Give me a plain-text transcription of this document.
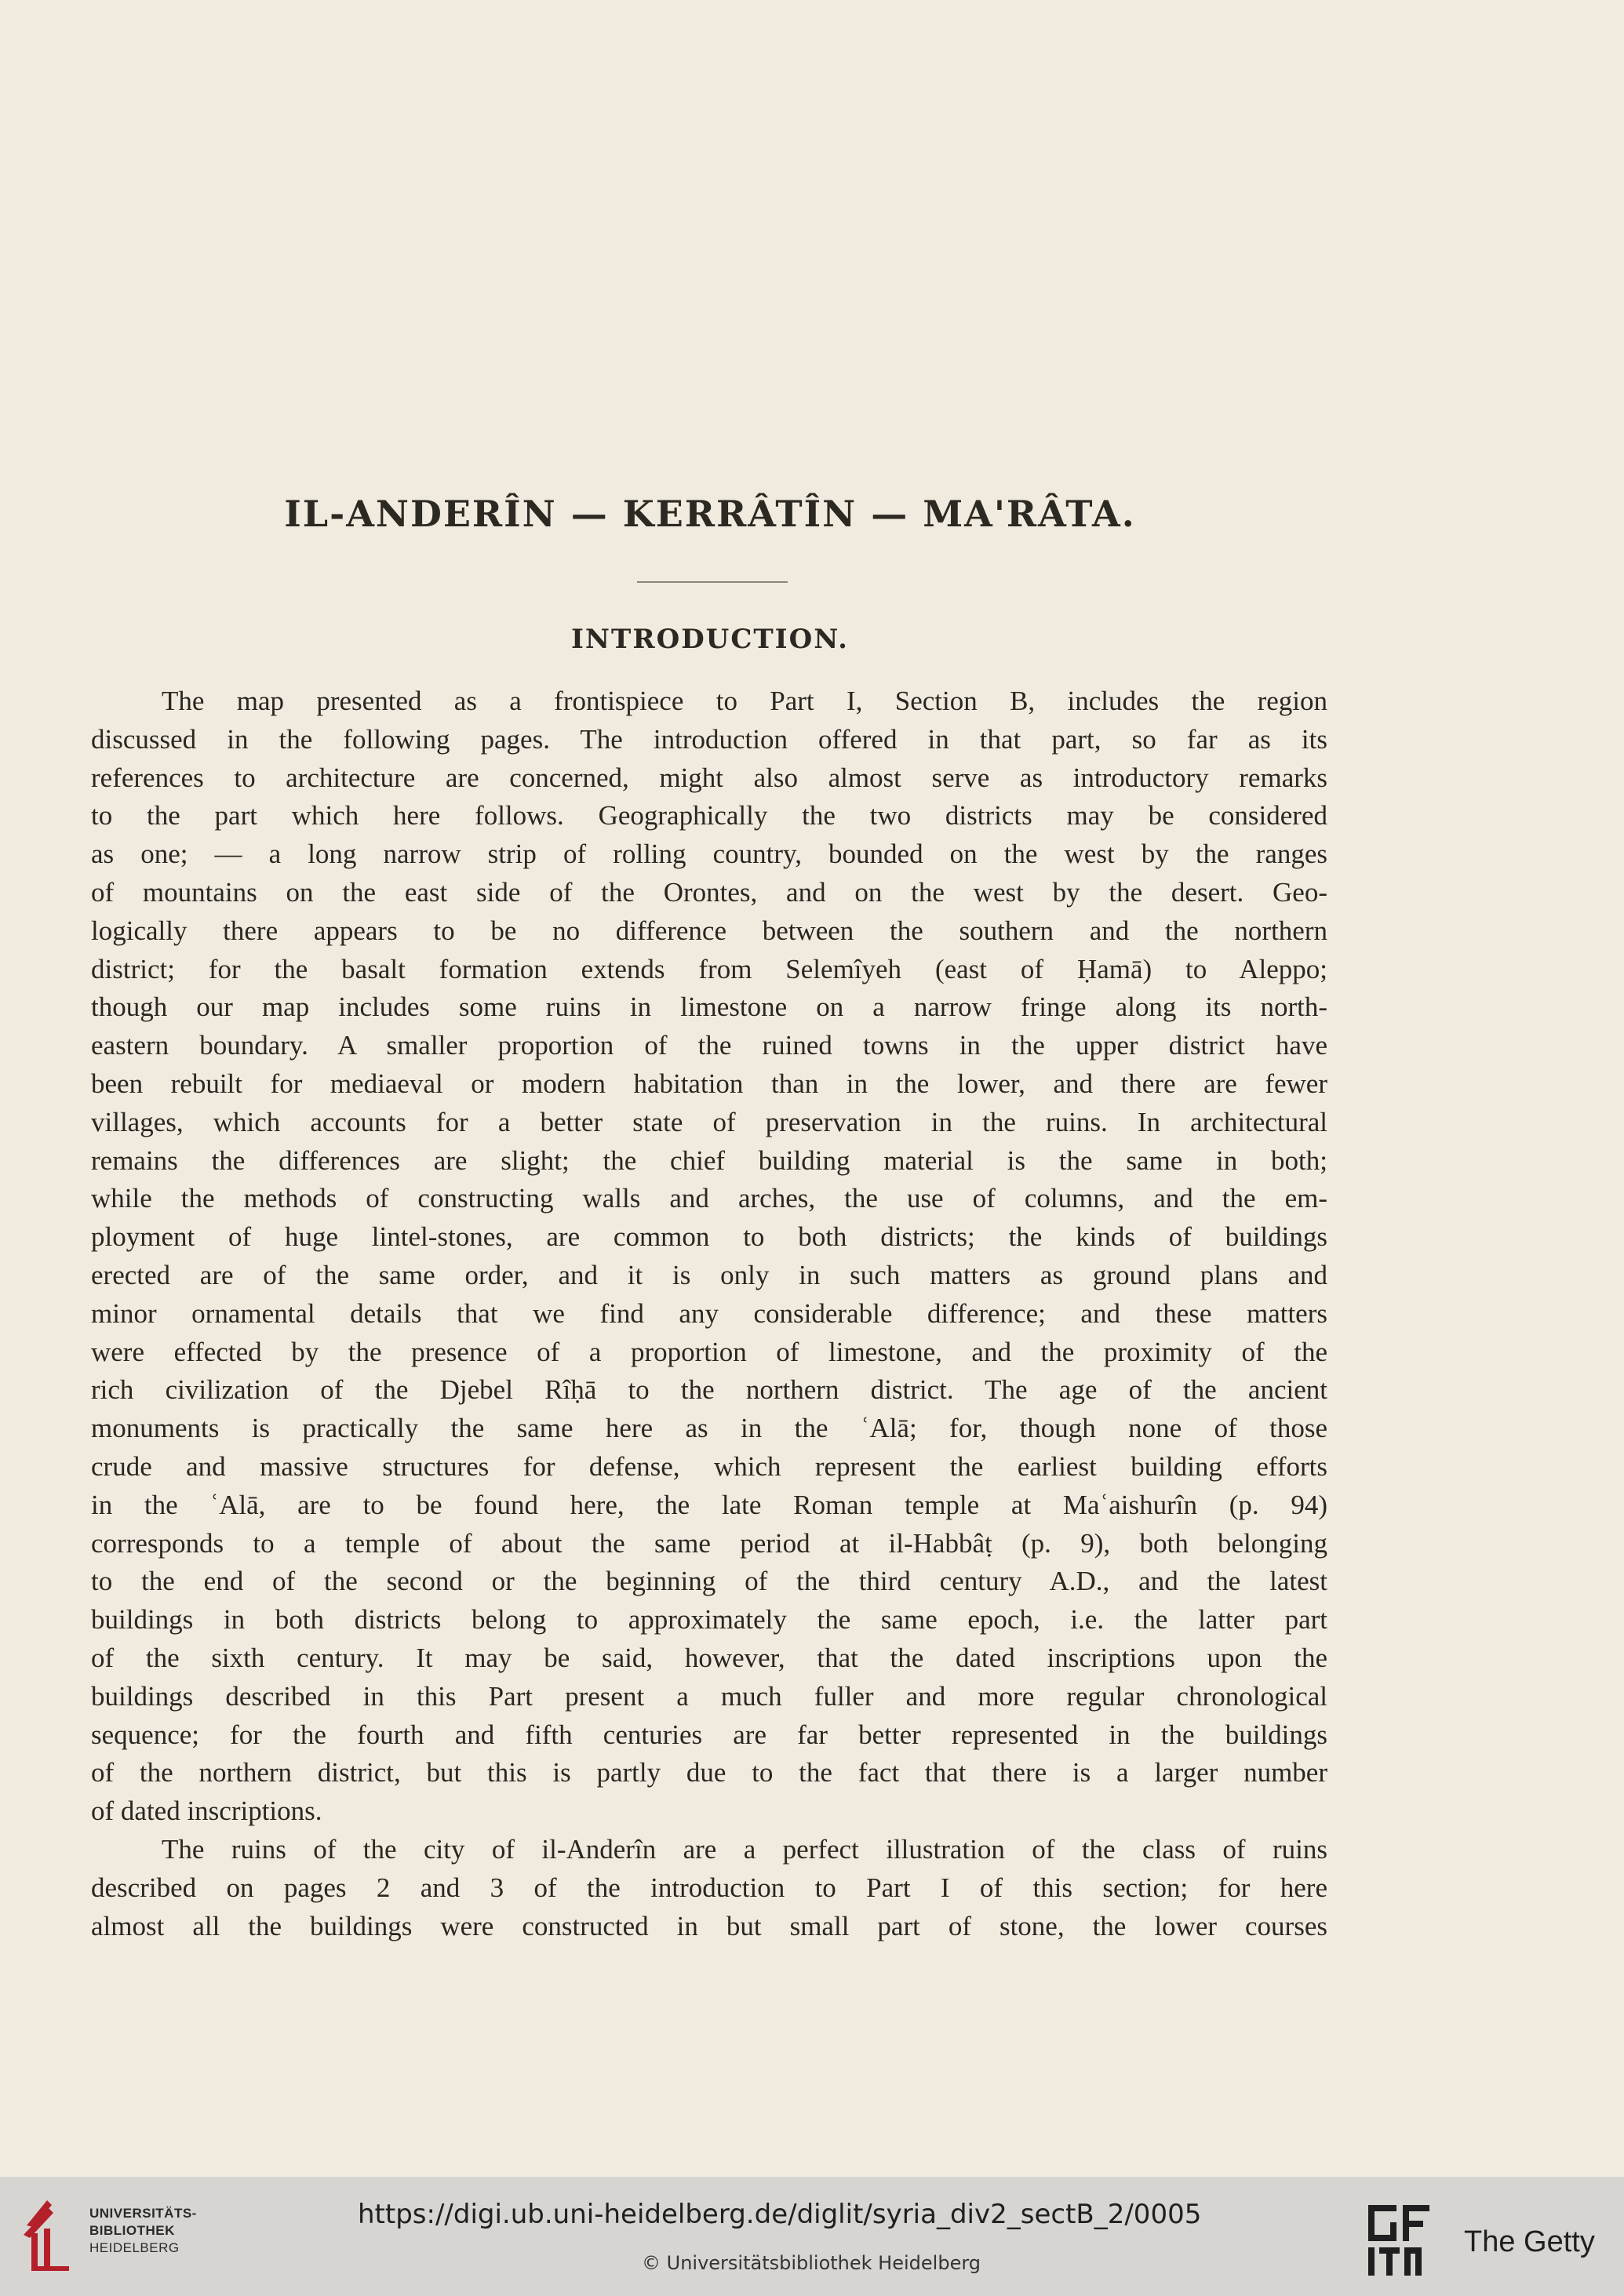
IL-ANDERÎN — KERRÂTÎN — MA'RÂTA.
INTRODUCTION.
The map presented as a frontispiece to Part I, Section B, includes the region
discussed in the following pages. The introduction offered in that part, so far as its
references to architecture are concerned, might also almost serve as introductory remarks
to the part which here follows. Geographically the two districts may be considered
as one; — a long narrow strip of rolling country, bounded on the west by the ranges
of mountains on the east side of the Orontes, and on the west by the desert. Geo-
logically there appears to be no difference between the southern and the northern
district; for the basalt formation extends from Selemîyeh (east of Ḥamā) to Aleppo;
though our map includes some ruins in limestone on a narrow fringe along its north-
eastern boundary. A smaller proportion of the ruined towns in the upper district have
been rebuilt for mediaeval or modern habitation than in the lower, and there are fewer
villages, which accounts for a better state of preservation in the ruins. In architectural
remains the differences are slight; the chief building material is the same in both;
while the methods of constructing walls and arches, the use of columns, and the em-
ployment of huge lintel-stones, are common to both districts; the kinds of buildings
erected are of the same order, and it is only in such matters as ground plans and
minor ornamental details that we find any considerable difference; and these matters
were effected by the presence of a proportion of limestone, and the proximity of the
rich civilization of the Djebel Rîḥā to the northern district. The age of the ancient
monuments is practically the same here as in the ʿAlā; for, though none of those
crude and massive structures for defense, which represent the earliest building efforts
in the ʿAlā, are to be found here, the late Roman temple at Maʿaishurîn (p. 94)
corresponds to a temple of about the same period at il-Habbâṭ (p. 9), both belonging
to the end of the second or the beginning of the third century A.D., and the latest
buildings in both districts belong to approximately the same epoch, i.e. the latter part
of the sixth century. It may be said, however, that the dated inscriptions upon the
buildings described in this Part present a much fuller and more regular chronological
sequence; for the fourth and fifth centuries are far better represented in the buildings
of the northern district, but this is partly due to the fact that there is a larger number
of dated inscriptions.
The ruins of the city of il-Anderîn are a perfect illustration of the class of ruins
described on pages 2 and 3 of the introduction to Part I of this section; for here
almost all the buildings were constructed in but small part of stone, the lower courses
UNIVERSITÄTS-
BIBLIOTHEK
HEIDELBERG
https://digi.ub.uni-heidelberg.de/diglit/syria_div2_sectB_2/0005
© Universitätsbibliothek Heidelberg
The Getty
